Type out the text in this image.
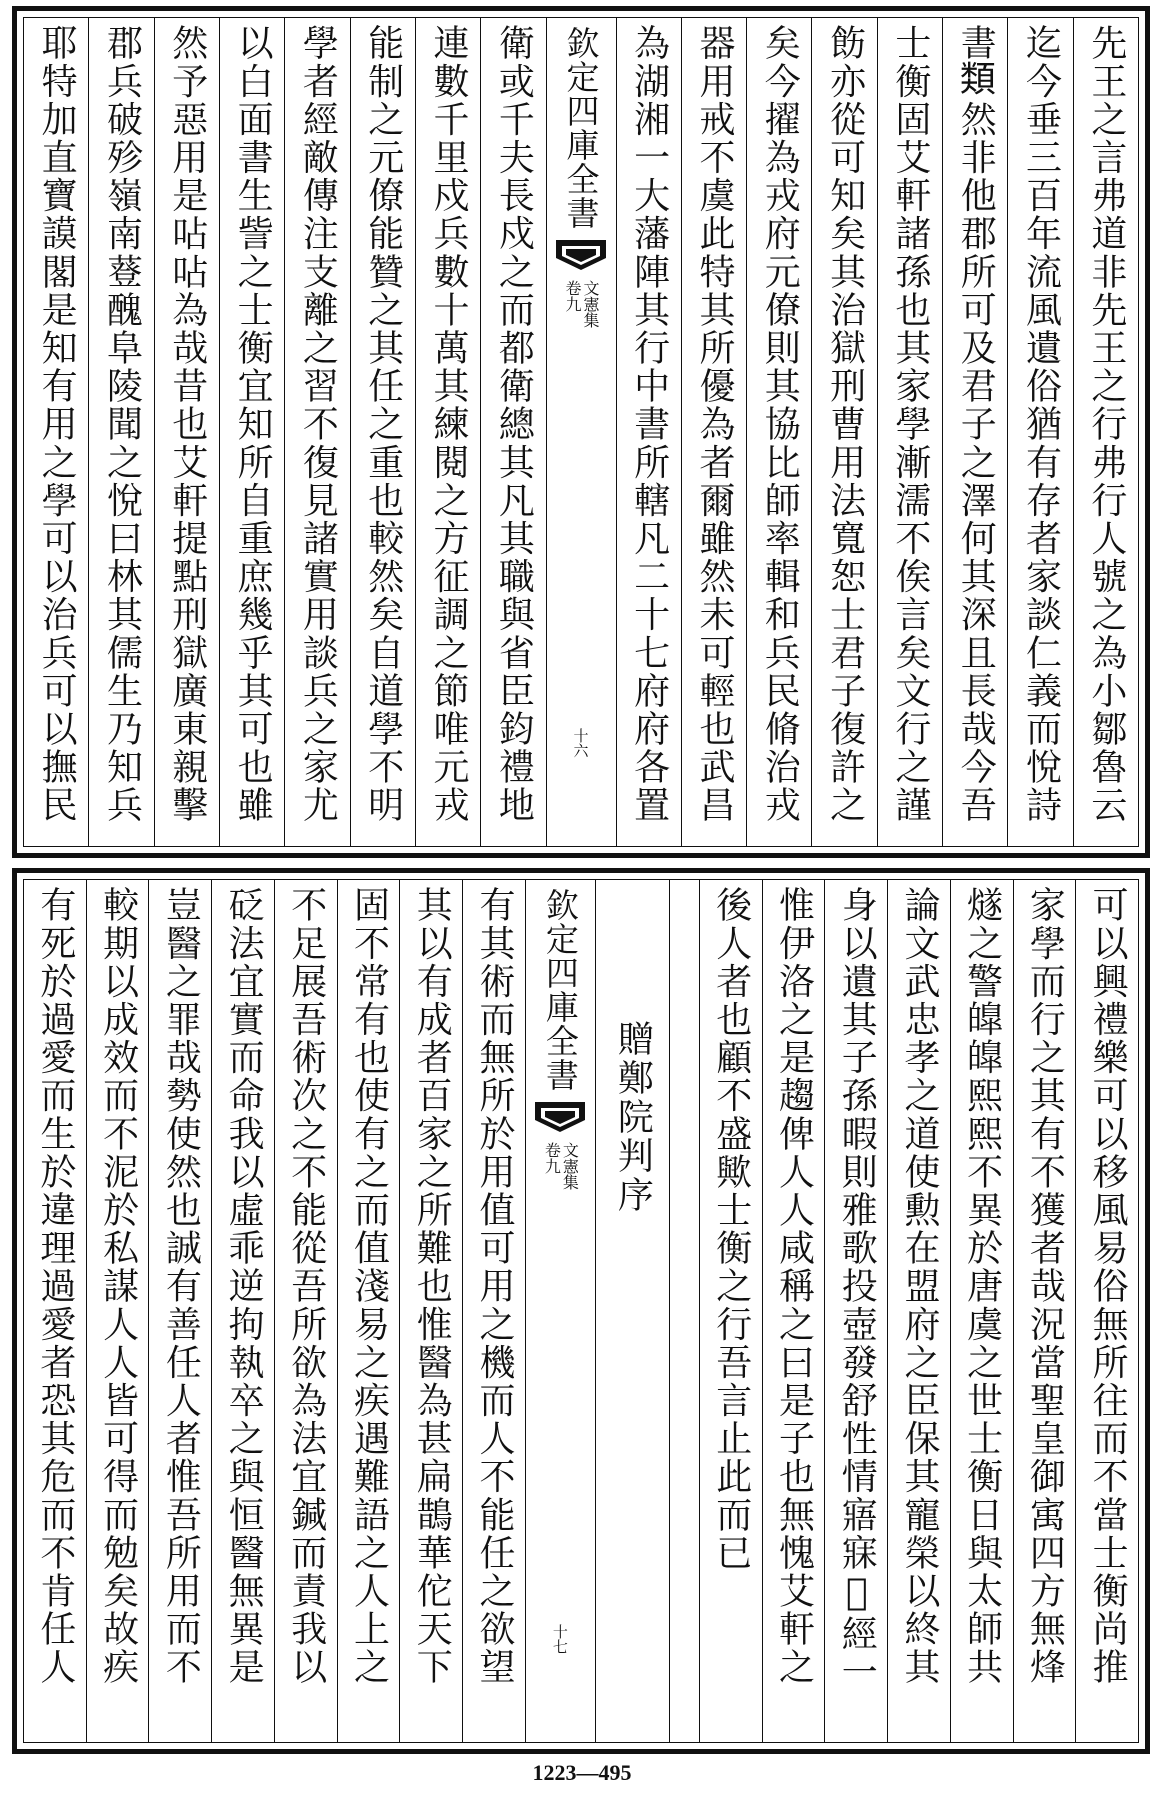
先王之言弗道非先王之行弗行人號之為小鄒魯云
迄今垂三百年流風遺俗猶有存者家談仁義而悅詩
書𩔖然非他郡所可及君子之澤何其深且長哉今吾
士衡固艾軒諸孫也其家學漸濡不俟言矣文行之謹
飭亦從可知矣其治獄刑曹用法寬恕士君子復許之
矣今擢為戎府元僚則其協比師率輯和兵民脩治戎
器用戒不虞此特其所優為者爾雖然未可輕也武昌
為湖湘一大藩陣其行中書所轄凡二十七府府各置
欽定四庫全書
文憲集
卷九
十六
衛或千夫長戍之而都衛總其凡其職與省臣鈞禮地
連數千里戍兵數十萬其練閱之方征調之節唯元戎
能制之元僚能贊之其任之重也較然矣自道學不明
學者經敵傳注支離之習不復見諸實用談兵之家尤
以白面書生訾之士衡宜知所自重庶幾乎其可也雖
然予惡用是呫呫為哉昔也艾軒提點刑獄廣東親擊
郡兵破殄嶺南䔲醜阜陵聞之悅曰林其儒生乃知兵
耶特加直寶謨閣是知有用之學可以治兵可以撫民
可以興禮樂可以移風易俗無所往而不當士衡尚推
家學而行之其有不獲者哉況當聖皇御㝢四方無烽
燧之警皥皥熙熙不異於唐虞之世士衡日與太師共
論文武忠孝之道使勲在盟府之臣保其寵榮以終其
身以遺其子孫暇則雅歌投壺發舒性情寤寐𫿡經一
惟伊洛之是趨俾人人咸稱之曰是子也無愧艾軒之
後人者也顧不盛歟士衡之行吾言止此而已
贈鄭院判序
欽定四庫全書
文憲集
卷九
十七
有其術而無所於用值可用之機而人不能任之欲望
其以有成者百家之所難也惟醫為甚扁鵲華佗天下
固不常有也使有之而值淺易之疾遇難語之人上之
不足展吾術次之不能從吾所欲為法宜鍼而責我以
砭法宜實而命我以虛乖逆拘執卒之與恒醫無異是
豈醫之罪哉勢使然也誠有善任人者惟吾所用而不
較期以成效而不泥於私謀人人皆可得而勉矣故疾
有死於過愛而生於違理過愛者恐其危而不肯任人
1223—495
